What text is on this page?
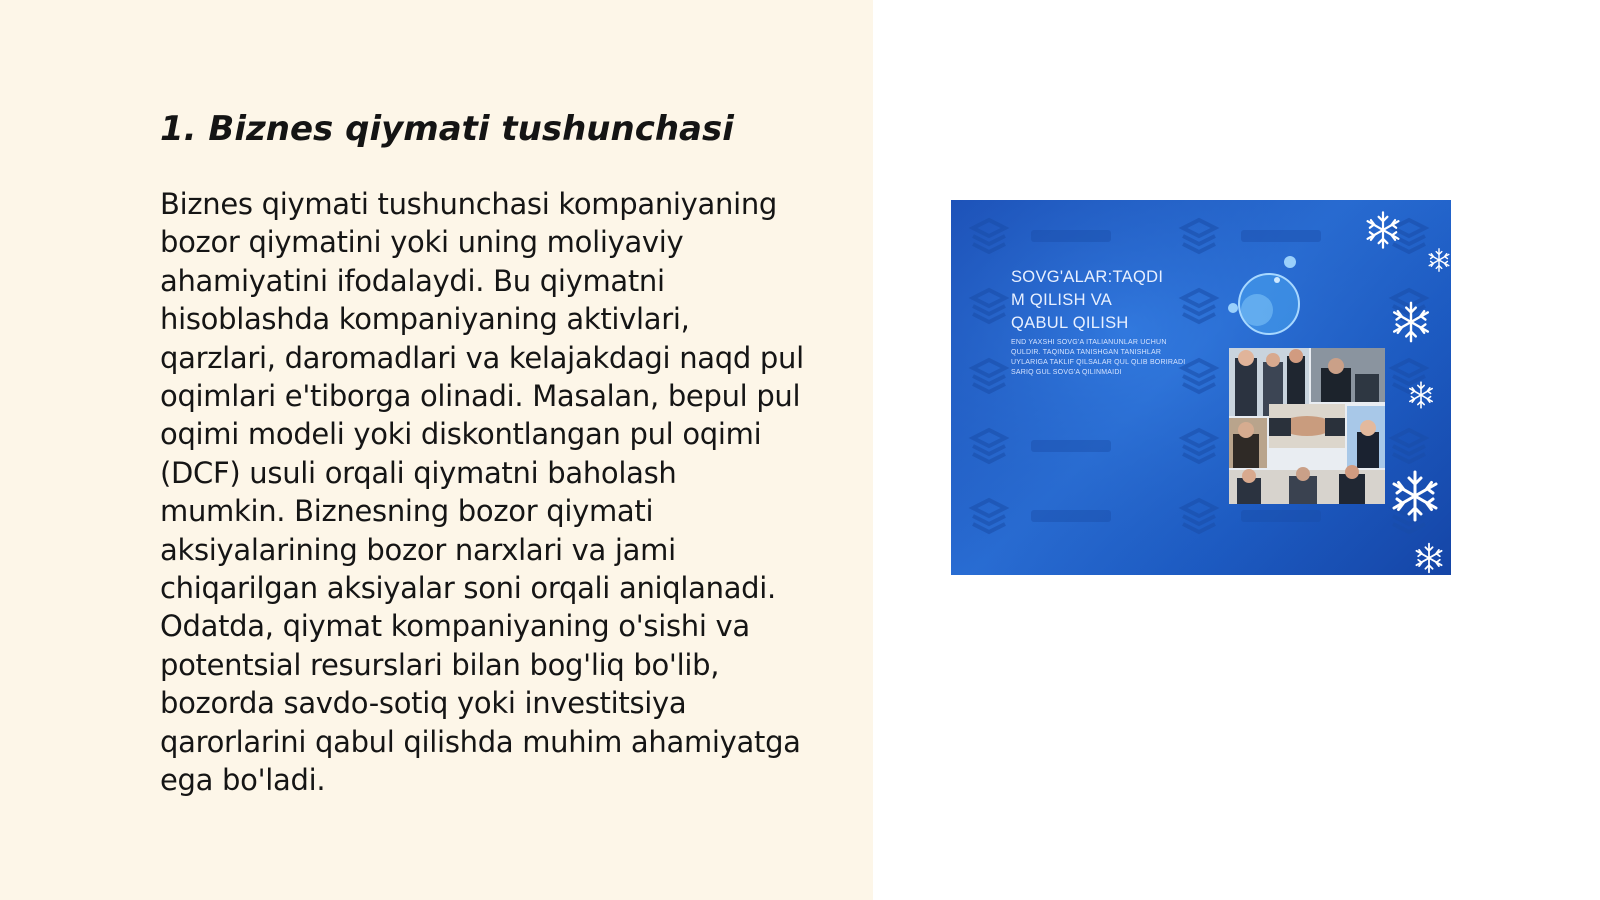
1. Biznes qiymati tushunchasi
Biznes qiymati tushunchasi kompaniyaning
bozor qiymatini yoki uning moliyaviy
ahamiyatini ifodalaydi. Bu qiymatni
hisoblashda kompaniyaning aktivlari,
qarzlari, daromadlari va kelajakdagi naqd pul
oqimlari e'tiborga olinadi. Masalan, bepul pul
oqimi modeli yoki diskontlangan pul oqimi
(DCF) usuli orqali qiymatni baholash
mumkin. Biznesning bozor qiymati
aksiyalarining bozor narxlari va jami
chiqarilgan aksiyalar soni orqali aniqlanadi.
Odatda, qiymat kompaniyaning o'sishi va
potentsial resurslari bilan bog'liq bo'lib,
bozorda savdo-sotiq yoki investitsiya
qarorlarini qabul qilishda muhim ahamiyatga
ega bo'ladi.
SOVG'ALAR:TAQDI
M QILISH VA
QABUL QILISH
END YAXSHI SOVG'A ITALIANUNLAR UCHUN
QULDIR. TAQINDA TANISHGAN TANISHLAR
UYLARIGA TAKLIF QILSALAR QUL QLIB BORIRADI
SARIQ GUL SOVG'A QILINMAIDI
